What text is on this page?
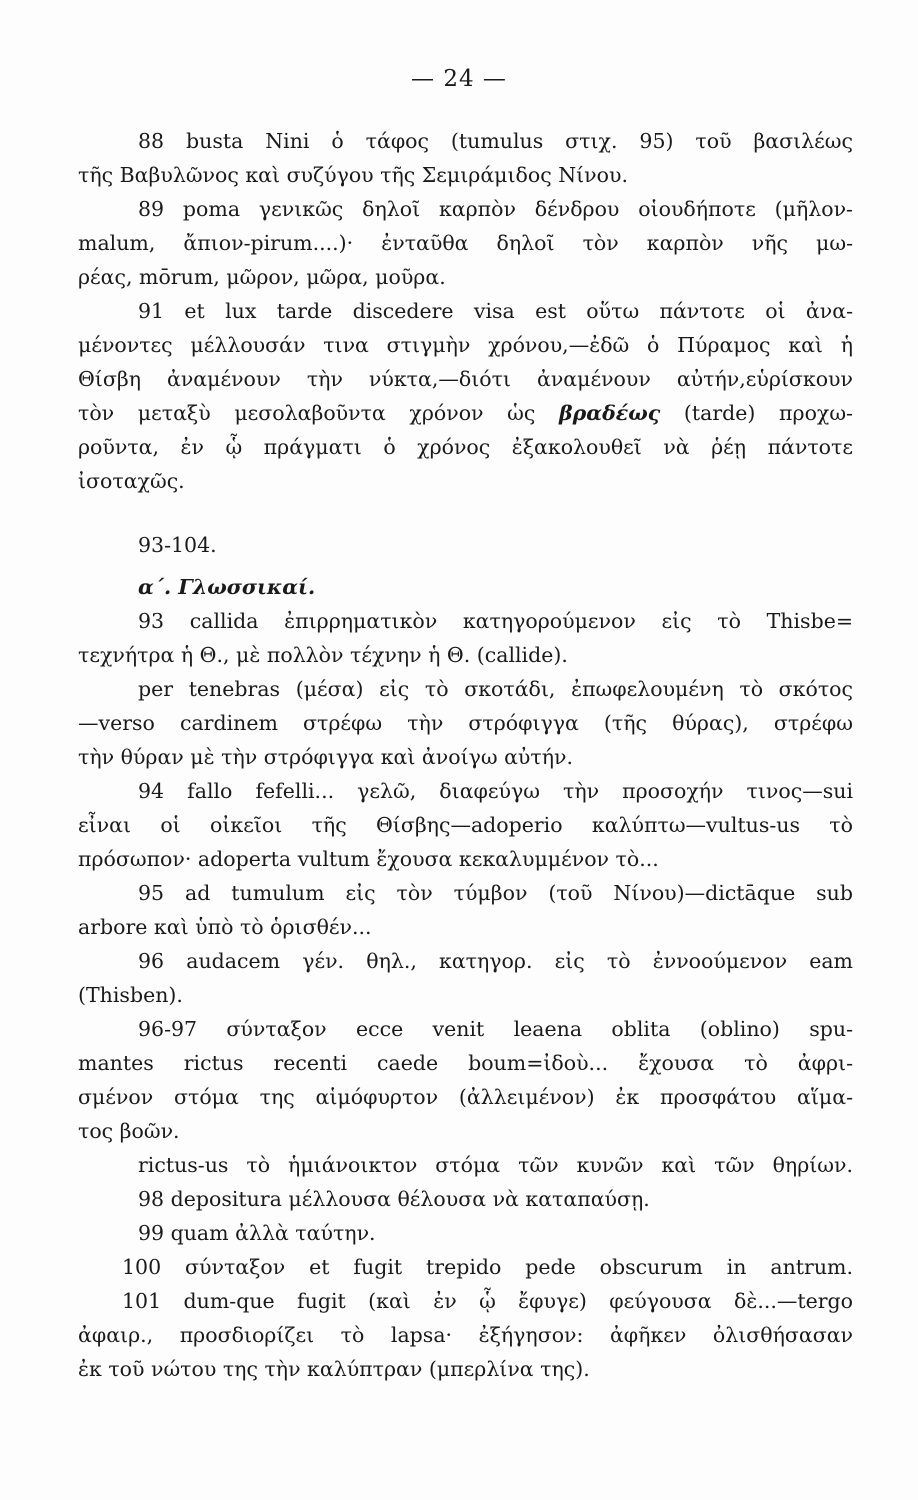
— 24 —
88 busta Nini ὁ τάφος (tumulus στιχ. 95) τοῦ βασιλέως
τῆς Βαβυλῶνος καὶ συζύγου τῆς Σεμιράμιδος Νίνου.
89 poma γενικῶς δηλοῖ καρπὸν δένδρου οἱουδήποτε (μῆλον-
malum, ἄπιον-pirum....)· ἐνταῦθα δηλοῖ τὸν καρπὸν νῆς μω-
ρέας, mōrum, μῶρον, μῶρα, μοῦρα.
91 et lux tarde discedere visa est οὕτω πάντοτε οἱ ἀνα-
μένοντες μέλλουσάν τινα στιγμὴν χρόνου,—ἐδῶ ὁ Πύραμος καὶ ἡ
Θίσβη ἀναμένουν τὴν νύκτα,—διότι ἀναμένουν αὐτήν,εὑρίσκουν
τὸν μεταξὺ μεσολαβοῦντα χρόνον ὡς βραδέως (tarde) προχω-
ροῦντα, ἐν ᾧ πράγματι ὁ χρόνος ἐξακολουθεῖ νὰ ῥέῃ πάντοτε
ἰσοταχῶς.
93-104.
α΄. Γλωσσικαί.
93 callida ἐπιρρηματικὸν κατηγορούμενον εἰς τὸ Thisbe=
τεχνήτρα ἡ Θ., μὲ πολλὸν τέχνην ἡ Θ. (callide).
per tenebras (μέσα) εἰς τὸ σκοτάδι, ἐπωφελουμένη τὸ σκότος
—verso cardinem στρέφω τὴν στρόφιγγα (τῆς θύρας), στρέφω
τὴν θύραν μὲ τὴν στρόφιγγα καὶ ἀνοίγω αὐτήν.
94 fallo fefelli... γελῶ, διαφεύγω τὴν προσοχήν τινος—sui
εἶναι οἱ οἰκεῖοι τῆς Θίσβης—adoperio καλύπτω—vultus-us τὸ
πρόσωπον· adoperta vultum ἔχουσα κεκαλυμμένον τὸ...
95 ad tumulum εἰς τὸν τύμβον (τοῦ Νίνου)—dictāque sub
arbore καὶ ὑπὸ τὸ ὁρισθέν...
96 audacem γέν. θηλ., κατηγορ. εἰς τὸ ἐννοούμενον eam
(Thisben).
96-97 σύνταξον ecce venit leaena oblita (oblino) spu-
mantes rictus recenti caede boum=ἰδοὺ... ἔχουσα τὸ ἀφρι-
σμένον στόμα της αἱμόφυρτον (ἀλλειμένον) ἐκ προσφάτου αἵμα-
τος βοῶν.
rictus-us τὸ ἡμιάνοικτον στόμα τῶν κυνῶν καὶ τῶν θηρίων.
98 depositura μέλλουσα θέλουσα νὰ καταπαύσῃ.
99 quam ἀλλὰ ταύτην.
100 σύνταξον et fugit trepido pede obscurum in antrum.
101 dum-que fugit (καὶ ἐν ᾧ ἔφυγε) φεύγουσα δὲ...—tergo
ἀφαιρ., προσδιορίζει τὸ lapsa· ἐξήγησον: ἀφῆκεν ὀλισθήσασαν
ἐκ τοῦ νώτου της τὴν καλύπτραν (μπερλίνα της).
